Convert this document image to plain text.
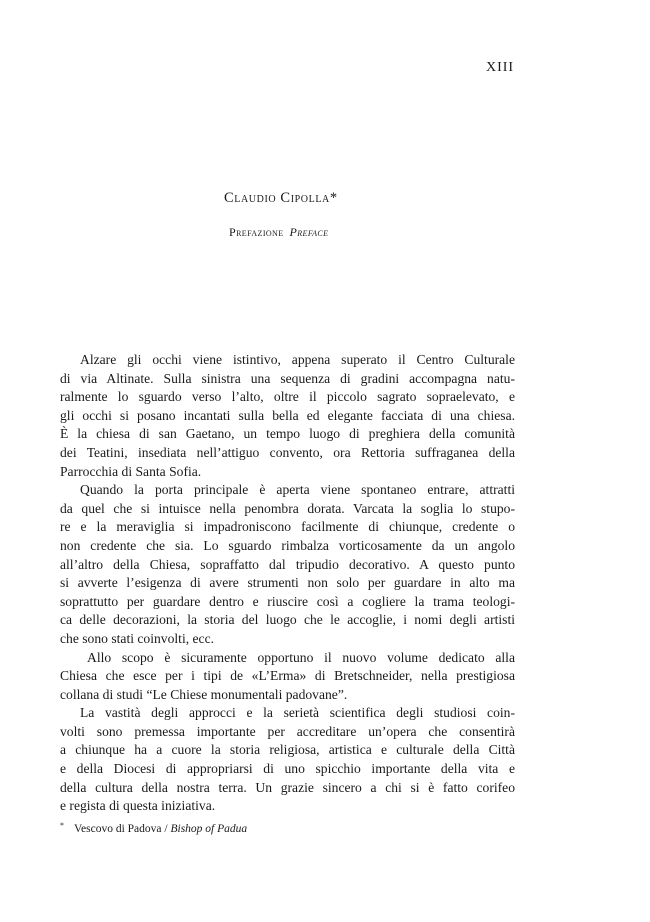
XIII
Claudio Cipolla*
Prefazione Preface

Alzare gli occhi viene istintivo, appena superato il Centro Culturale
di via Altinate. Sulla sinistra una sequenza di gradini accompagna natu-
ralmente lo sguardo verso l’alto, oltre il piccolo sagrato sopraelevato, e
gli occhi si posano incantati sulla bella ed elegante facciata di una chiesa.
È la chiesa di san Gaetano, un tempo luogo di preghiera della comunità
dei Teatini, insediata nell’attiguo convento, ora Rettoria suffraganea della
Parrocchia di Santa Sofia.

Quando la porta principale è aperta viene spontaneo entrare, attratti
da quel che si intuisce nella penombra dorata. Varcata la soglia lo stupo-
re e la meraviglia si impadroniscono facilmente di chiunque, credente o
non credente che sia. Lo sguardo rimbalza vorticosamente da un angolo
all’altro della Chiesa, sopraffatto dal tripudio decorativo. A questo punto
si avverte l’esigenza di avere strumenti non solo per guardare in alto ma
soprattutto per guardare dentro e riuscire così a cogliere la trama teologi-
ca delle decorazioni, la storia del luogo che le accoglie, i nomi degli artisti
che sono stati coinvolti, ecc.

Allo scopo è sicuramente opportuno il nuovo volume dedicato alla
Chiesa che esce per i tipi de «L’Erma» di Bretschneider, nella prestigiosa
collana di studi “Le Chiese monumentali padovane”.

La vastità degli approcci e la serietà scientifica degli studiosi coin-
volti sono premessa importante per accreditare un’opera che consentirà
a chiunque ha a cuore la storia religiosa, artistica e culturale della Città
e della Diocesi di appropriarsi di uno spicchio importante della vita e
della cultura della nostra terra. Un grazie sincero a chi si è fatto corifeo
e regista di questa iniziativa.

* Vescovo di Padova / Bishop of Padua
